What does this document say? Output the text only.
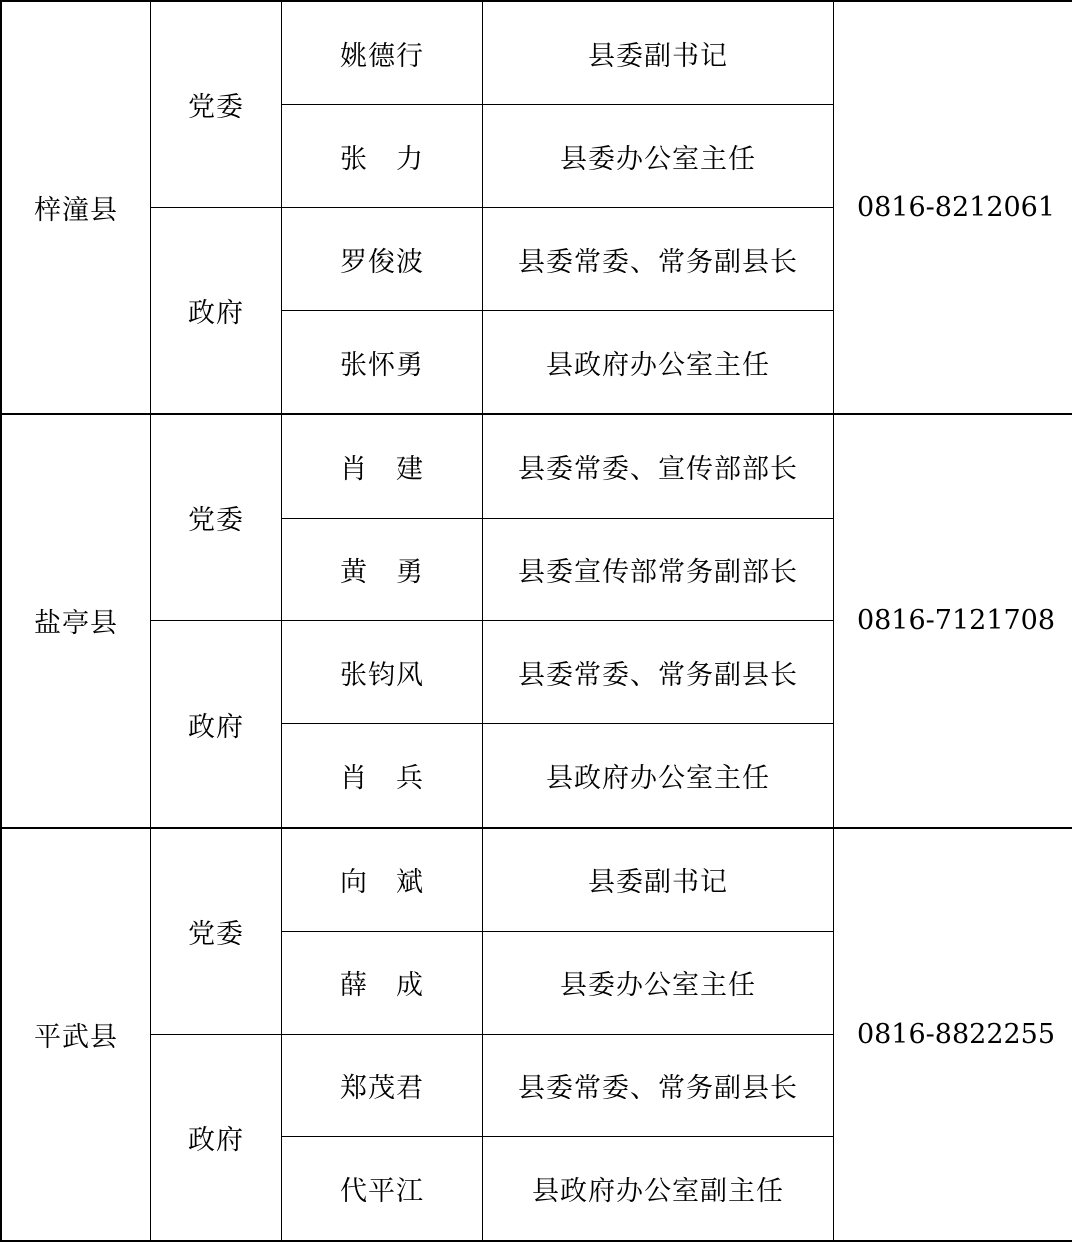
梓潼县	党委	姚德行	县委副书记	0816-8212061
		张　力	县委办公室主任	
	政府	罗俊波	县委常委、常务副县长	
		张怀勇	县政府办公室主任	
盐亭县	党委	肖　建	县委常委、宣传部部长	0816-7121708
		黄　勇	县委宣传部常务副部长	
	政府	张钧风	县委常委、常务副县长	
		肖　兵	县政府办公室主任	
平武县	党委	向　斌	县委副书记	0816-8822255
		薛　成	县委办公室主任	
	政府	郑茂君	县委常委、常务副县长	
		代平江	县政府办公室副主任	
